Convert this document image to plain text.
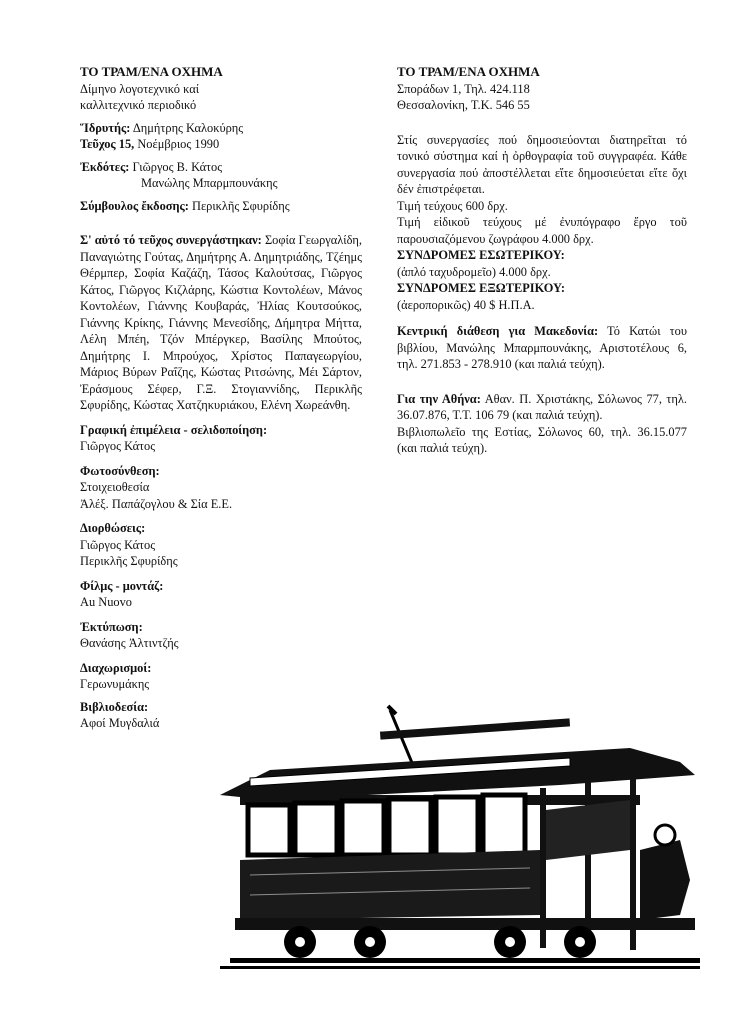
ΤΟ ΤΡΑΜ/ΕΝΑ ΟΧΗΜΑ

Δίμηνο λογοτεχνικό καί

καλλιτεχνικό περιοδικό

Ἵδρυτής: Δημήτρης Καλοκύρης

Τεῦχος 15, Νοέμβριος 1990

Ἐκδότες: Γιῶργος Β. Κάτος

Μανώλης Μπαρμπουνάκης

Σύμβουλος ἔκδοσης: Περικλῆς Σφυρίδης

Σ' αὐτό τό τεῦχος συνεργάστηκαν: Σοφία Γεωργαλίδη, Παναγιώτης Γούτας, Δημήτρης Α. Δημητριάδης, Τζέημς Θέρμπερ, Σοφία Καζάζη, Τάσος Καλούτσας, Γιῶργος Κάτος, Γιῶργος Κιζλάρης, Κώστια Κοντολέων, Μάνος Κοντολέων, Γιάννης Κουβαράς, Ἠλίας Κουτσούκος, Γιάννης Κρίκης, Γιάννης Μενεσίδης, Δήμητρα Μήττα, Λέλη Μπέη, Τζόν Μπέργκερ, Βασίλης Μπούτος, Δημήτρης Ι. Μπρούχος, Χρίστος Παπαγεωργίου, Μάριος Βύρων Ραΐζης, Κώστας Ριτσώνης, Μέι Σάρτον, Ἐράσμους Σέφερ, Γ.Ξ. Στογιαννίδης, Περικλῆς Σφυρίδης, Κώστας Χατζηκυριάκου, Ελένη Χωρεάνθη.

Γραφική ἐπιμέλεια - σελιδοποίηση:

Γιῶργος Κάτος

Φωτοσύνθεση:

Στοιχειοθεσία

Ἀλέξ. Παπάζογλου & Σία Ε.Ε.

Διορθώσεις:

Γιῶργος Κάτος

Περικλῆς Σφυρίδης

Φίλμς - μοντάζ:

Au Nuovo

Ἐκτύπωση:

Θανάσης Ἀλτιντζής

Διαχωρισμοί:

Γερωνυμάκης

Βιβλιοδεσία:

Αφοί Μυγδαλιά

ΤΟ ΤΡΑΜ/ΕΝΑ ΟΧΗΜΑ

Σποράδων 1, Τηλ. 424.118

Θεσσαλονίκη, Τ.Κ. 546 55

Στίς συνεργασίες πού δημοσιεύονται διατηρεῖται τό τονικό σύστημα καί ἡ ὀρθογραφία τοῦ συγγραφέα. Κάθε συνεργασία πού ἀποστέλλεται εἴτε δημοσιεύεται εἴτε ὄχι δέν ἐπιστρέφεται.

Τιμή τεύχους 600 δρχ.

Τιμή εἰδικοῦ τεύχους μέ ἐνυπόγραφο ἔργο τοῦ παρουσιαζόμενου ζωγράφου 4.000 δρχ.

ΣΥΝΔΡΟΜΕΣ ΕΣΩΤΕΡΙΚΟΥ:

(ἁπλό ταχυδρομεῖο) 4.000 δρχ.

ΣΥΝΔΡΟΜΕΣ ΕΞΩΤΕΡΙΚΟΥ:

(ἀεροπορικῶς) 40 $ Η.Π.Α.

Κεντρική διάθεση για Μακεδονία: Τό Κατώι του βιβλίου, Μανώλης Μπαρμπουνάκης, Αριστοτέλους 6, τηλ. 271.853 - 278.910 (και παλιά τεύχη).

Για την Αθήνα: Αθαν. Π. Χριστάκης, Σόλωνος 77, τηλ. 36.07.876, Τ.Τ. 106 79 (και παλιά τεύχη).

Βιβλιοπωλεῖο της Εστίας, Σόλωνος 60, τηλ. 36.15.077 (και παλιά τεύχη).
